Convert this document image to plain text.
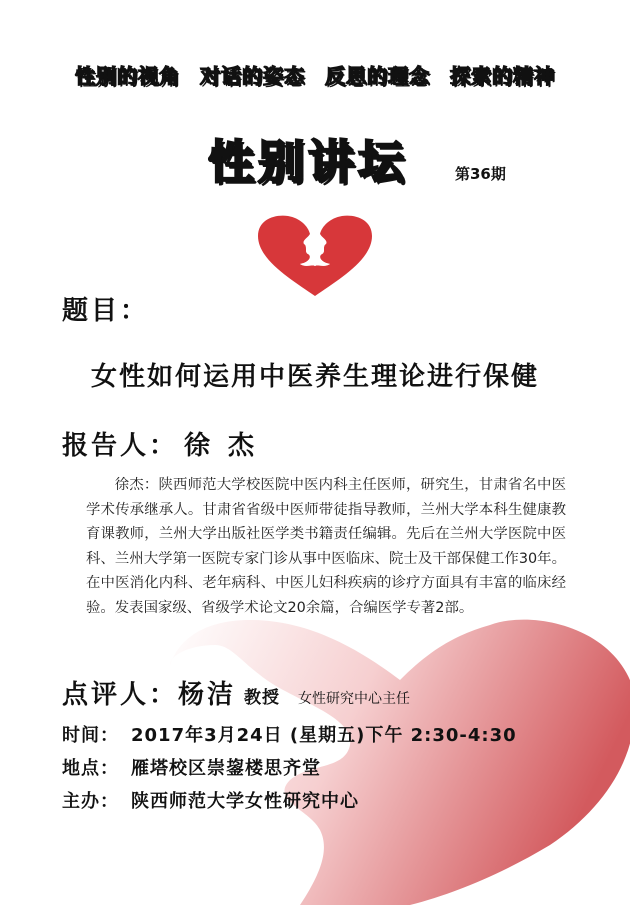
性别的视角 对话的姿态 反思的理念 探索的精神
性别讲坛	第36期
题目：
女性如何运用中医养生理论进行保健
报告人： 徐杰
徐杰：陕西师范大学校医院中医内科主任医师，研究生，甘肃省名中医学术传承继承人。甘肃省省级中医师带徒指导教师，兰州大学本科生健康教育课教师，兰州大学出版社医学类书籍责任编辑。先后在兰州大学医院中医科、兰州大学第一医院专家门诊从事中医临床、院士及干部保健工作30年。在中医消化内科、老年病科、中医儿妇科疾病的诊疗方面具有丰富的临床经验。发表国家级、省级学术论文20余篇，合编医学专著2部。
点评人：杨洁 教授 女性研究中心主任
时间： 2017年3月24日 (星期五)下午 2:30-4:30
地点： 雁塔校区崇鋆楼思齐堂
主办： 陕西师范大学女性研究中心
